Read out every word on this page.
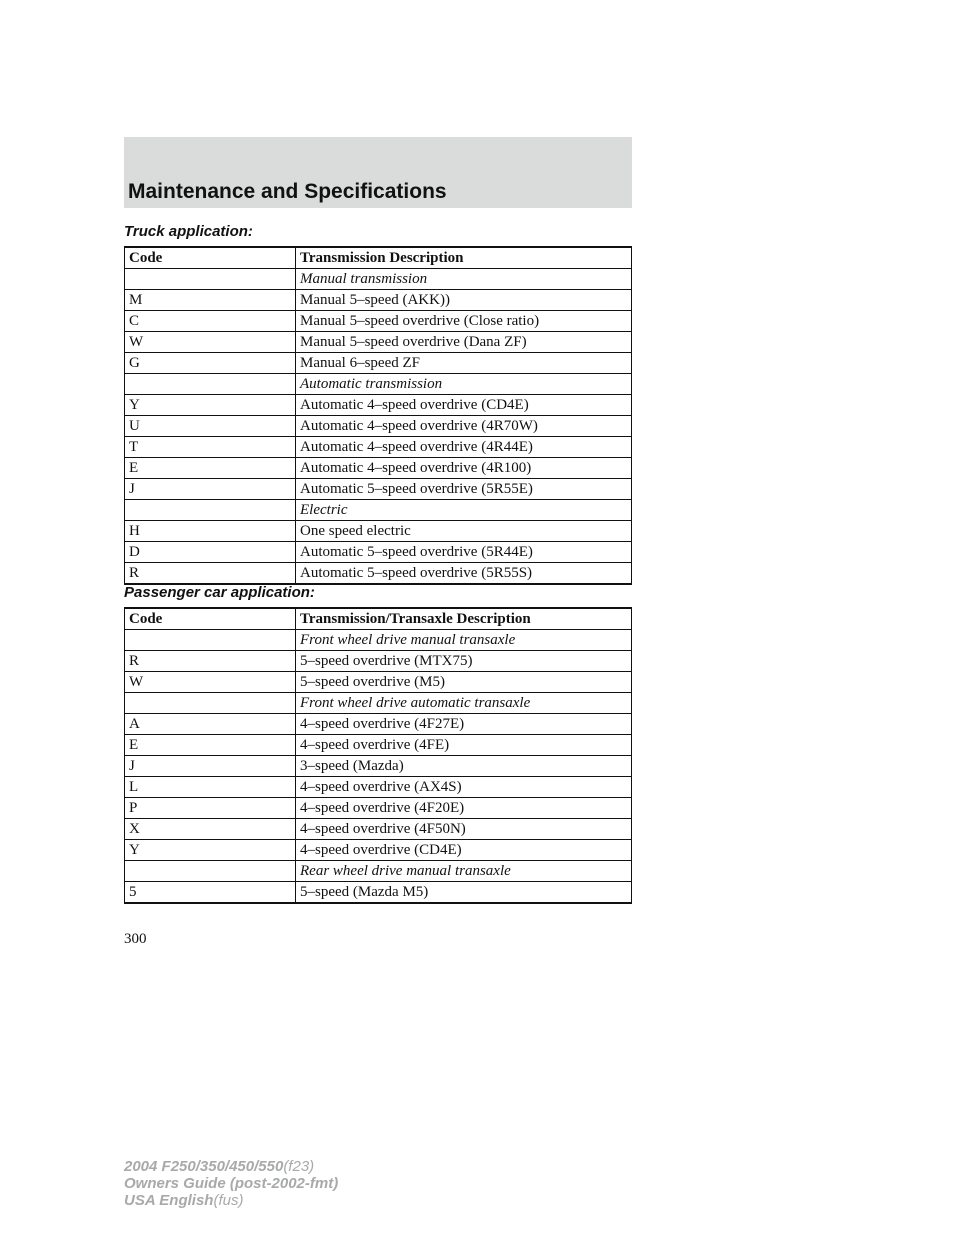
Maintenance and Specifications

Truck application:

Code	Transmission Description
	Manual transmission
M	Manual 5–speed (AKK))
C	Manual 5–speed overdrive (Close ratio)
W	Manual 5–speed overdrive (Dana ZF)
G	Manual 6–speed ZF
	Automatic transmission
Y	Automatic 4–speed overdrive (CD4E)
U	Automatic 4–speed overdrive (4R70W)
T	Automatic 4–speed overdrive (4R44E)
E	Automatic 4–speed overdrive (4R100)
J	Automatic 5–speed overdrive (5R55E)
	Electric
H	One speed electric
D	Automatic 5–speed overdrive (5R44E)
R	Automatic 5–speed overdrive (5R55S)

Passenger car application:

Code	Transmission/Transaxle Description
	Front wheel drive manual transaxle
R	5–speed overdrive (MTX75)
W	5–speed overdrive (M5)
	Front wheel drive automatic transaxle
A	4–speed overdrive (4F27E)
E	4–speed overdrive (4FE)
J	3–speed (Mazda)
L	4–speed overdrive (AX4S)
P	4–speed overdrive (4F20E)
X	4–speed overdrive (4F50N)
Y	4–speed overdrive (CD4E)
	Rear wheel drive manual transaxle
5	5–speed (Mazda M5)

300

2004 F250/350/450/550(f23)
Owners Guide (post-2002-fmt)
USA English(fus)
